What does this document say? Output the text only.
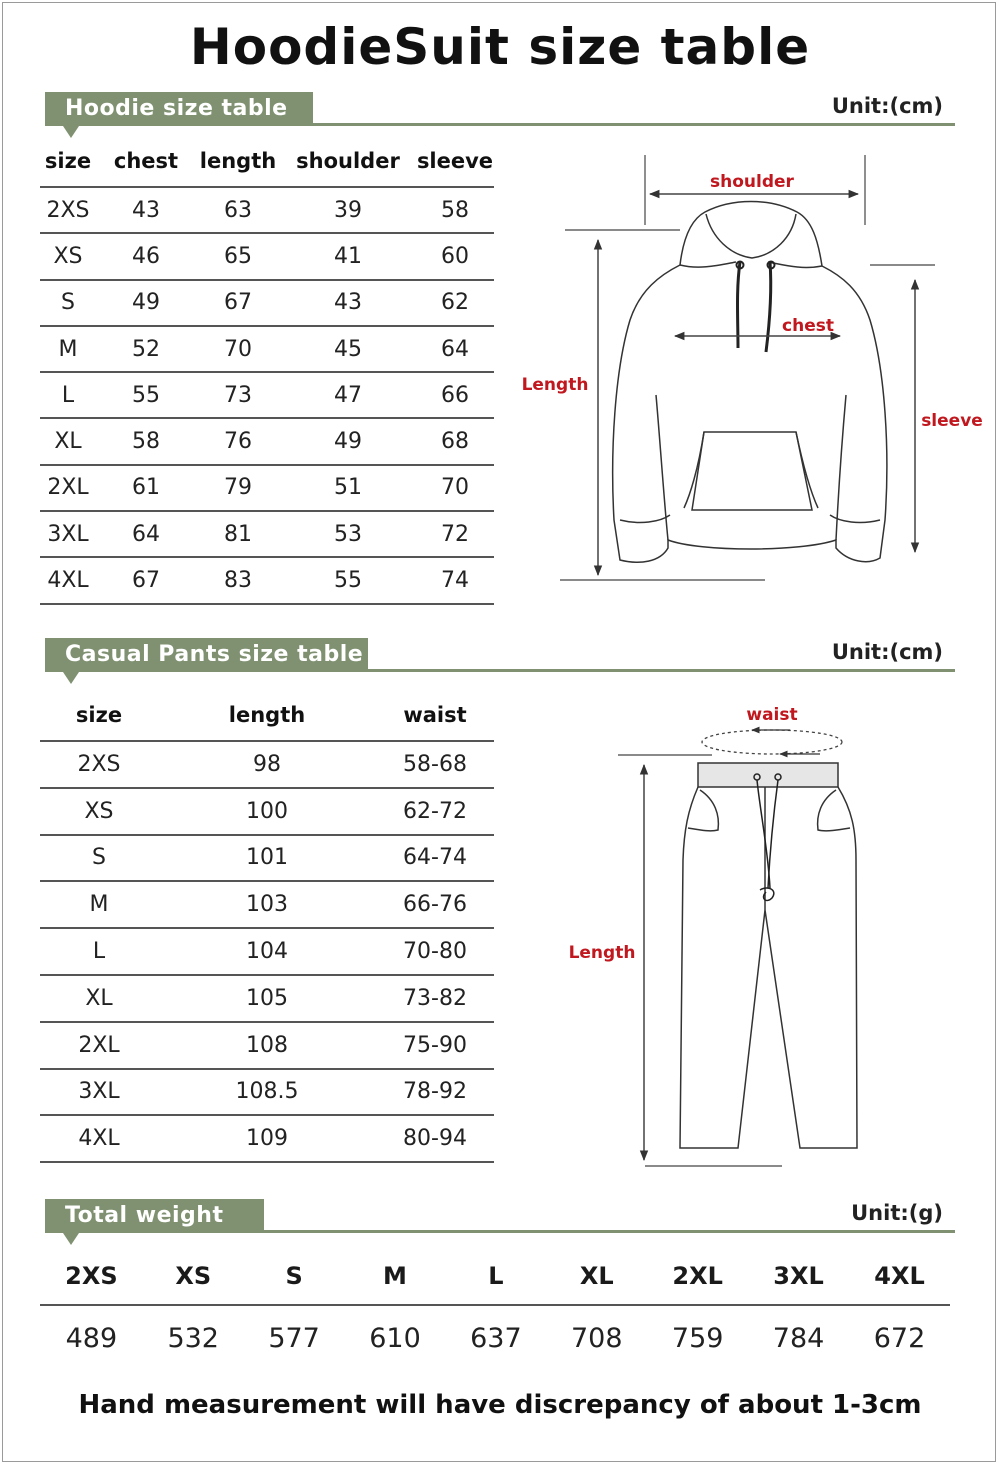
HoodieSuit size table
Hoodie size table	Unit:(cm)
size	chest	length	shoulder	sleeve
2XS	43	63	39	58
XS	46	65	41	60
S	49	67	43	62
M	52	70	45	64
L	55	73	47	66
XL	58	76	49	68
2XL	61	79	51	70
3XL	64	81	53	72
4XL	67	83	55	74
shoulder
chest
Length
sleeve
Casual Pants size table	Unit:(cm)
size	length	waist
2XS	98	58-68
XS	100	62-72
S	101	64-74
M	103	66-76
L	104	70-80
XL	105	73-82
2XL	108	75-90
3XL	108.5	78-92
4XL	109	80-94
waist
Length
Total weight	Unit:(g)
2XS	XS	S	M	L	XL	2XL	3XL	4XL
489	532	577	610	637	708	759	784	672
Hand measurement will have discrepancy of about 1-3cm
